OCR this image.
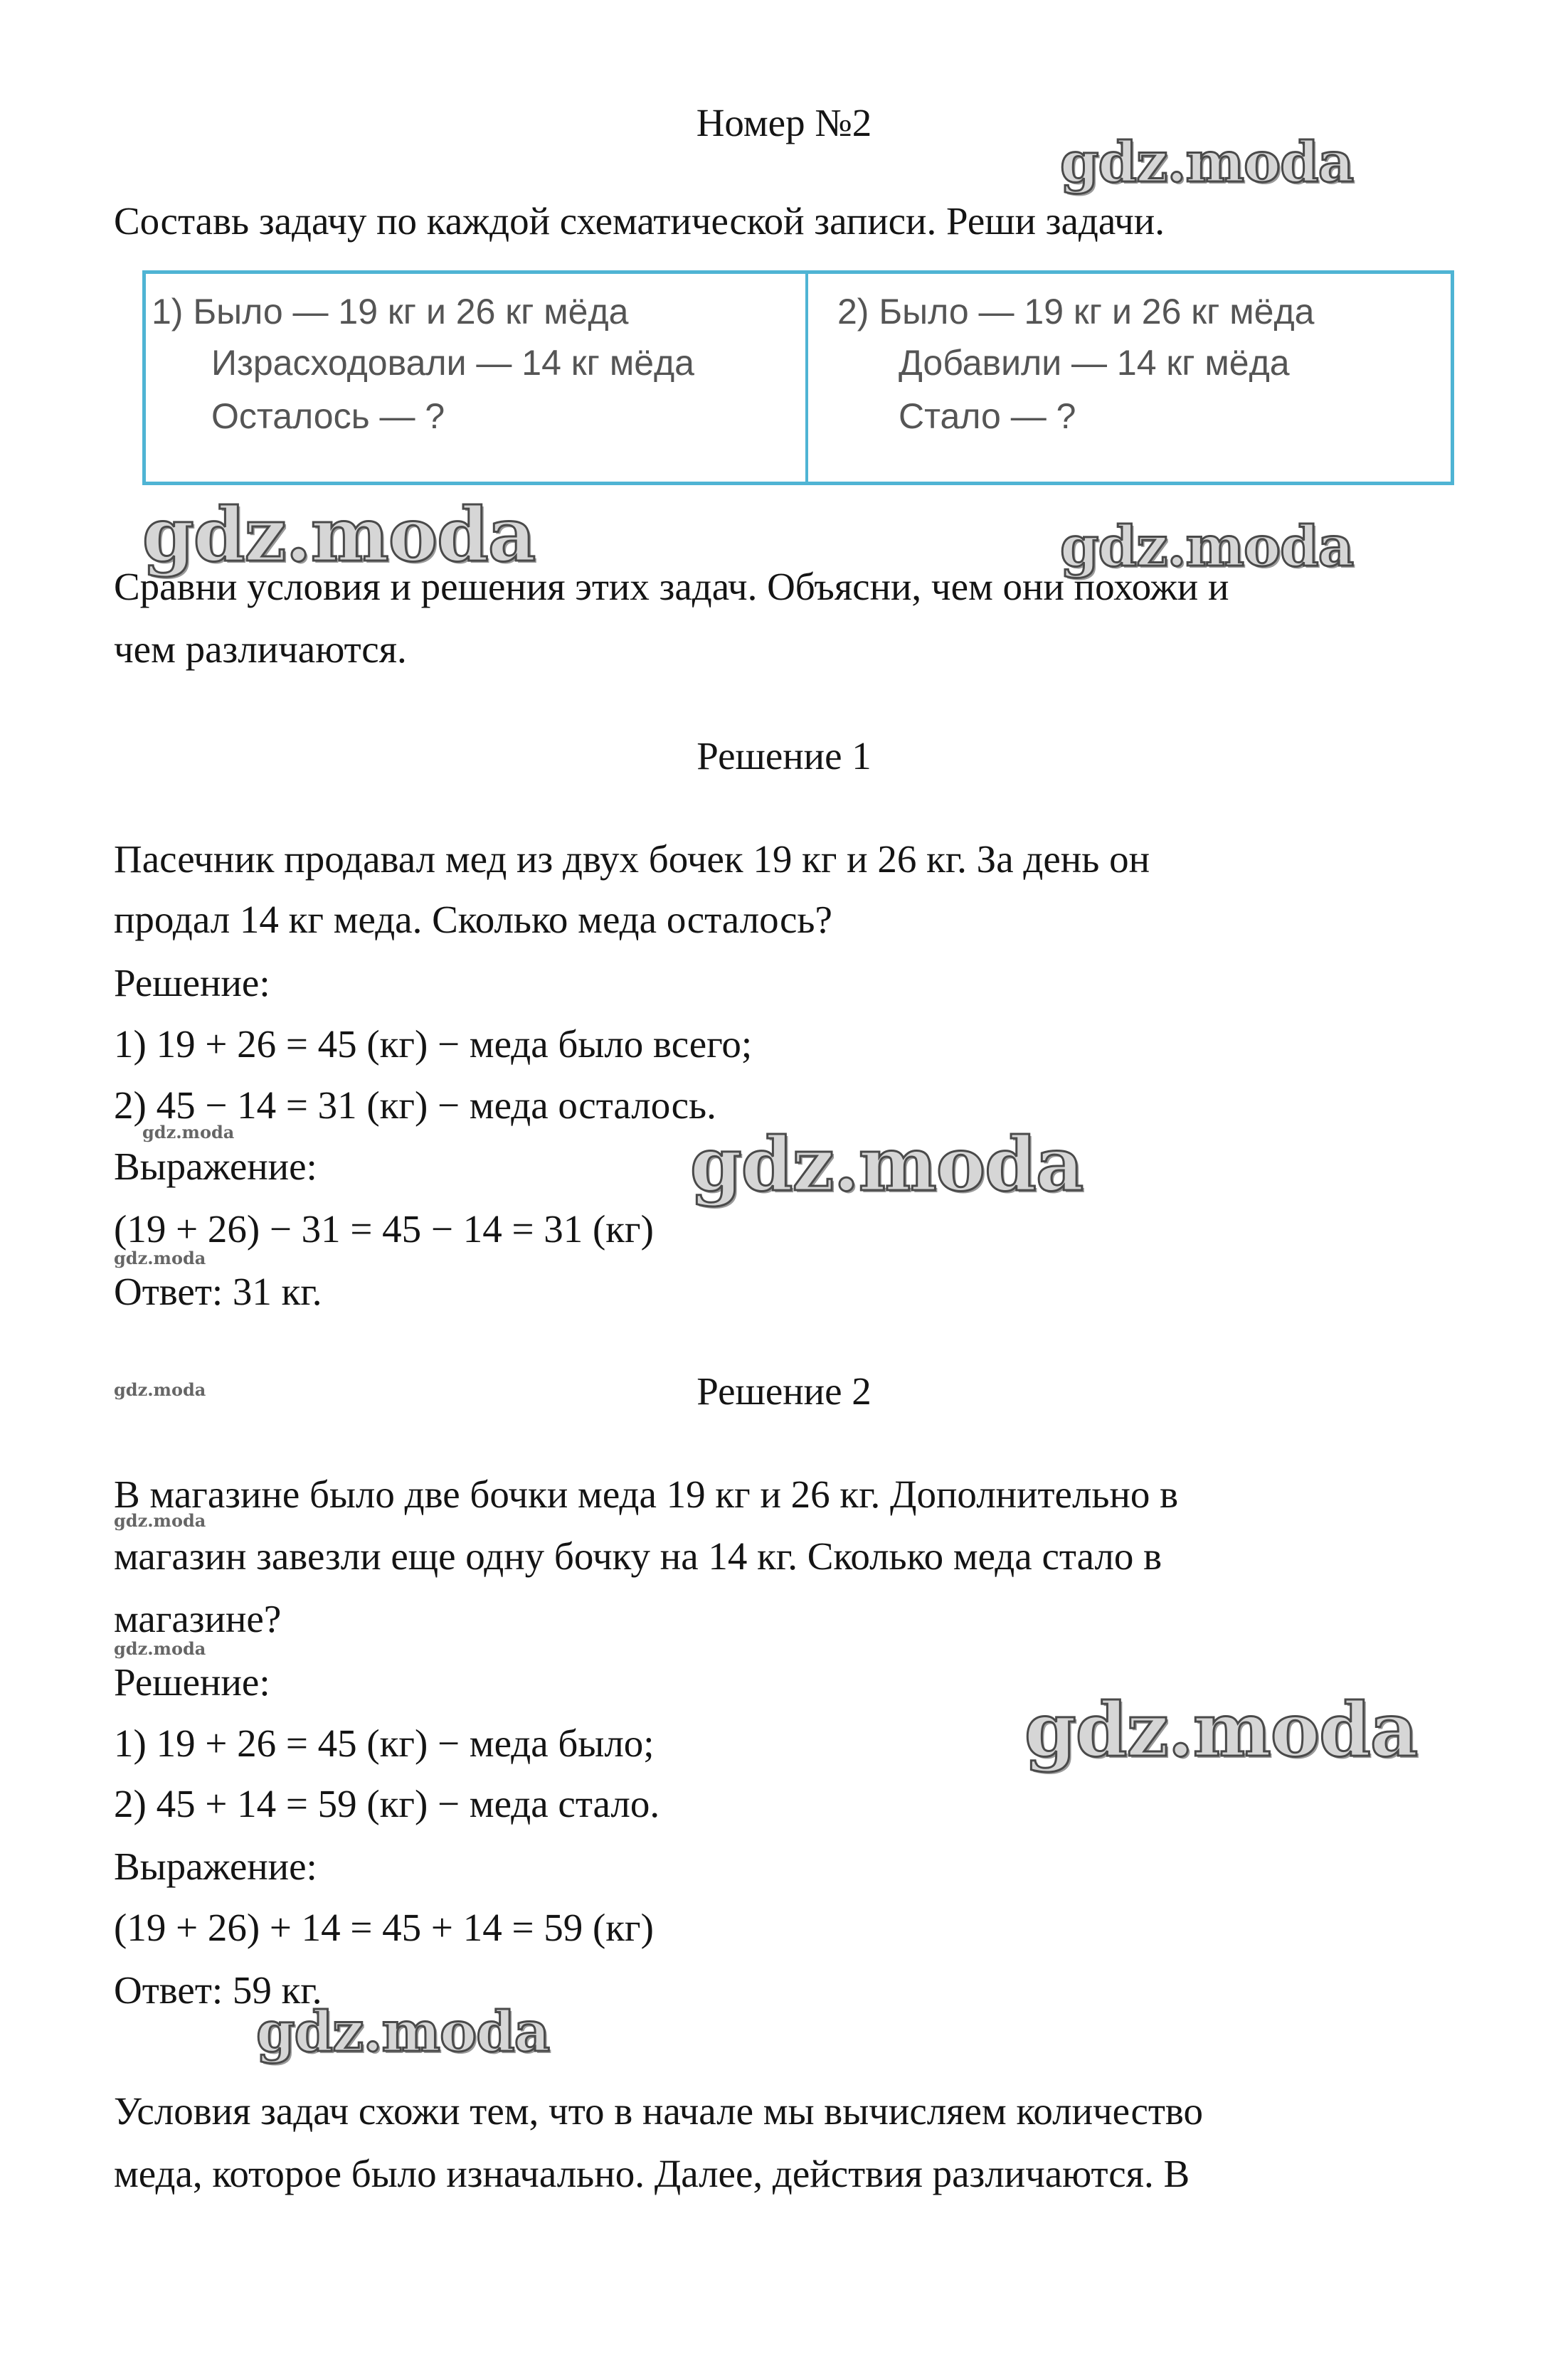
Номер №2

Составь задачу по каждой схематической записи. Реши задачи.

1) Было — 19 кг и 26 кг мёда

Израсходовали — 14 кг мёда

Осталось — ?

2) Было — 19 кг и 26 кг мёда

Добавили — 14 кг мёда

Стало — ?

Сравни условия и решения этих задач. Объясни, чем они похожи и

чем различаются.

Решение 1

Пасечник продавал мед из двух бочек 19 кг и 26 кг. За день он

продал 14 кг меда. Сколько меда осталось?

Решение:

1) 19 + 26 = 45 (кг) − меда было всего;

2) 45 − 14 = 31 (кг) − меда осталось.

Выражение:

(19 + 26) − 31 = 45 − 14 = 31 (кг)

Ответ: 31 кг.

Решение 2

В магазине было две бочки меда 19 кг и 26 кг. Дополнительно в

магазин завезли еще одну бочку на 14 кг. Сколько меда стало в

магазине?

Решение:

1) 19 + 26 = 45 (кг) − меда было;

2) 45 + 14 = 59 (кг) − меда стало.

Выражение:

(19 + 26) + 14 = 45 + 14 = 59 (кг)

Ответ: 59 кг.

Условия задач схожи тем, что в начале мы вычисляем количество

меда, которое было изначально. Далее, действия различаются. В

gdz.moda

gdz.moda	gdz.moda

gdz.moda

gdz.moda

gdz.moda

gdz.moda

gdz.moda

gdz.moda

gdz.moda

gdz.moda
